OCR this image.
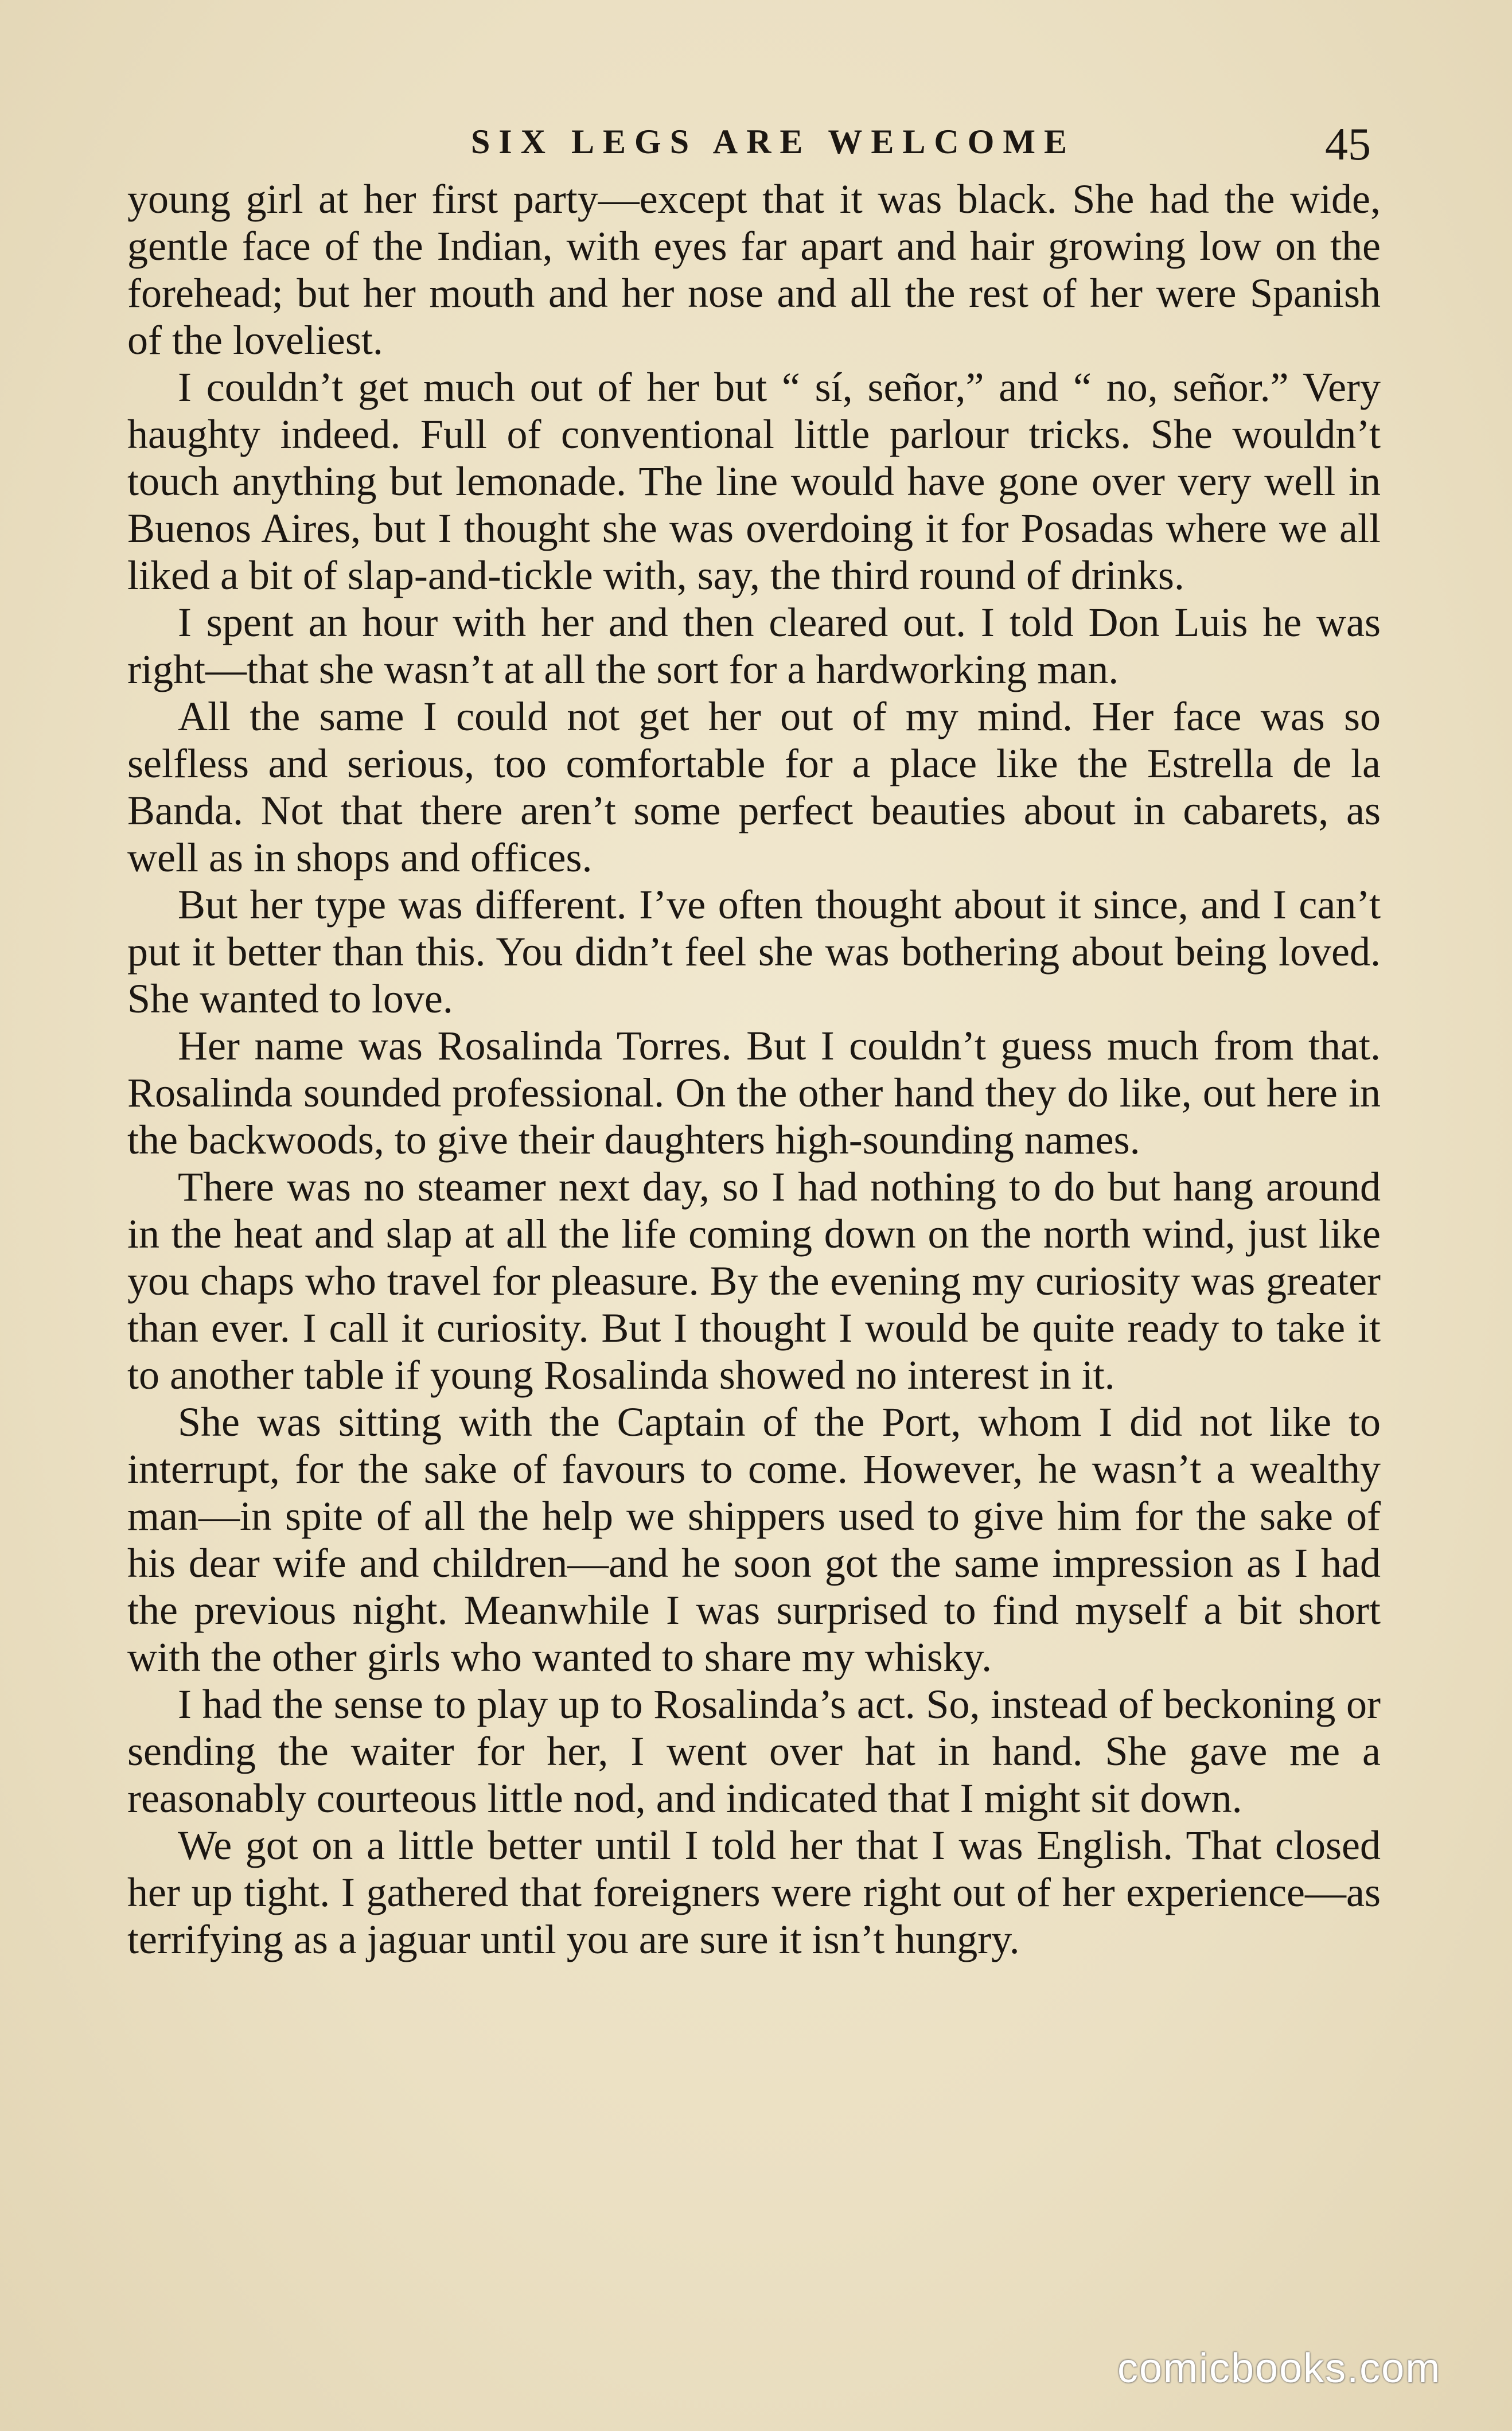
SIX LEGS ARE WELCOME	45

young girl at her first party—except that it was black. She had the wide, gentle face of the Indian, with eyes far apart and hair growing low on the forehead; but her mouth and her nose and all the rest of her were Spanish of the loveliest.

I couldn’t get much out of her but “ sí, señor,” and “ no, señor.” Very haughty indeed. Full of conventional little parlour tricks. She wouldn’t touch anything but lemonade. The line would have gone over very well in Buenos Aires, but I thought she was overdoing it for Posadas where we all liked a bit of slap-and-tickle with, say, the third round of drinks.

I spent an hour with her and then cleared out. I told Don Luis he was right—that she wasn’t at all the sort for a hardworking man.

All the same I could not get her out of my mind. Her face was so selfless and serious, too comfortable for a place like the Estrella de la Banda. Not that there aren’t some perfect beauties about in cabarets, as well as in shops and offices.

But her type was different. I’ve often thought about it since, and I can’t put it better than this. You didn’t feel she was bothering about being loved. She wanted to love.

Her name was Rosalinda Torres. But I couldn’t guess much from that. Rosalinda sounded professional. On the other hand they do like, out here in the backwoods, to give their daughters high-sounding names.

There was no steamer next day, so I had nothing to do but hang around in the heat and slap at all the life coming down on the north wind, just like you chaps who travel for pleasure. By the evening my curiosity was greater than ever. I call it curiosity. But I thought I would be quite ready to take it to another table if young Rosalinda showed no interest in it.

She was sitting with the Captain of the Port, whom I did not like to interrupt, for the sake of favours to come. However, he wasn’t a wealthy man—in spite of all the help we shippers used to give him for the sake of his dear wife and children—and he soon got the same impression as I had the previous night. Meanwhile I was surprised to find myself a bit short with the other girls who wanted to share my whisky.

I had the sense to play up to Rosalinda’s act. So, instead of beckoning or sending the waiter for her, I went over hat in hand. She gave me a reasonably courteous little nod, and indicated that I might sit down.

We got on a little better until I told her that I was English. That closed her up tight. I gathered that foreigners were right out of her experience—as terrifying as a jaguar until you are sure it isn’t hungry.

comicbooks.com
